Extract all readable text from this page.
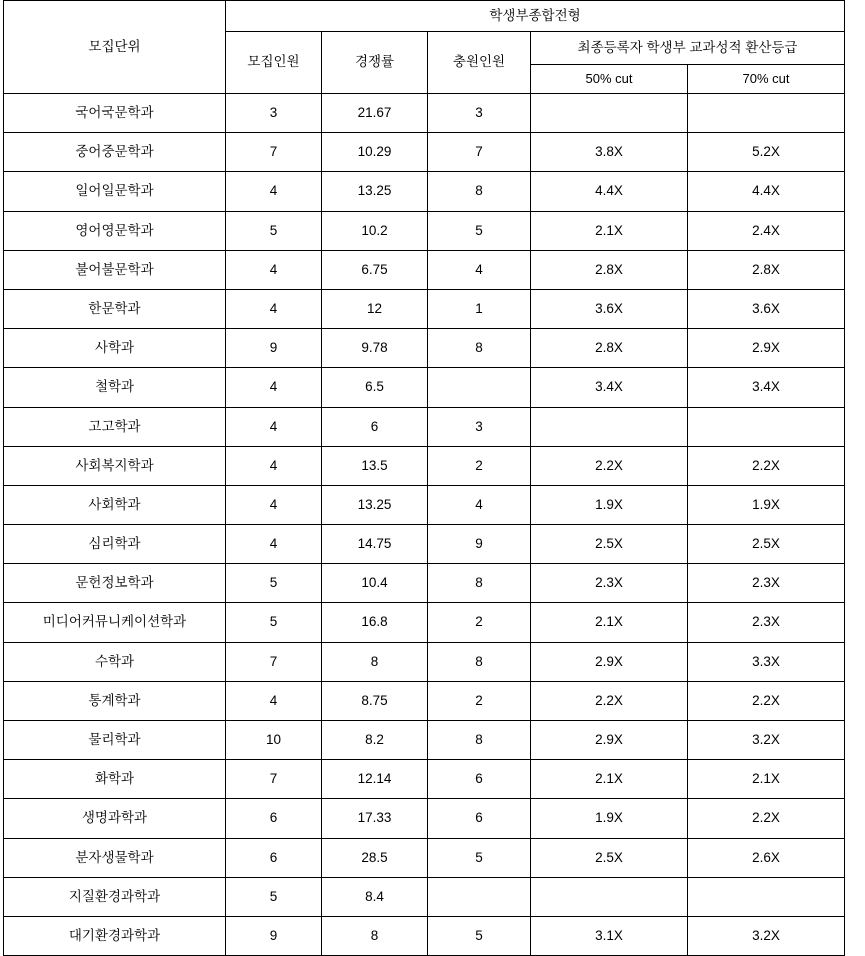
모집단위	학생부종합전형				
	모집인원	경쟁률	충원인원	최종등록자 학생부 교과성적 환산등급	
				50% cut	70% cut
국어국문학과	3	21.67	3		
중어중문학과	7	10.29	7	3.8X	5.2X
일어일문학과	4	13.25	8	4.4X	4.4X
영어영문학과	5	10.2	5	2.1X	2.4X
불어불문학과	4	6.75	4	2.8X	2.8X
한문학과	4	12	1	3.6X	3.6X
사학과	9	9.78	8	2.8X	2.9X
철학과	4	6.5		3.4X	3.4X
고고학과	4	6	3		
사회복지학과	4	13.5	2	2.2X	2.2X
사회학과	4	13.25	4	1.9X	1.9X
심리학과	4	14.75	9	2.5X	2.5X
문헌정보학과	5	10.4	8	2.3X	2.3X
미디어커뮤니케이션학과	5	16.8	2	2.1X	2.3X
수학과	7	8	8	2.9X	3.3X
통계학과	4	8.75	2	2.2X	2.2X
물리학과	10	8.2	8	2.9X	3.2X
화학과	7	12.14	6	2.1X	2.1X
생명과학과	6	17.33	6	1.9X	2.2X
분자생물학과	6	28.5	5	2.5X	2.6X
지질환경과학과	5	8.4			
대기환경과학과	9	8	5	3.1X	3.2X
